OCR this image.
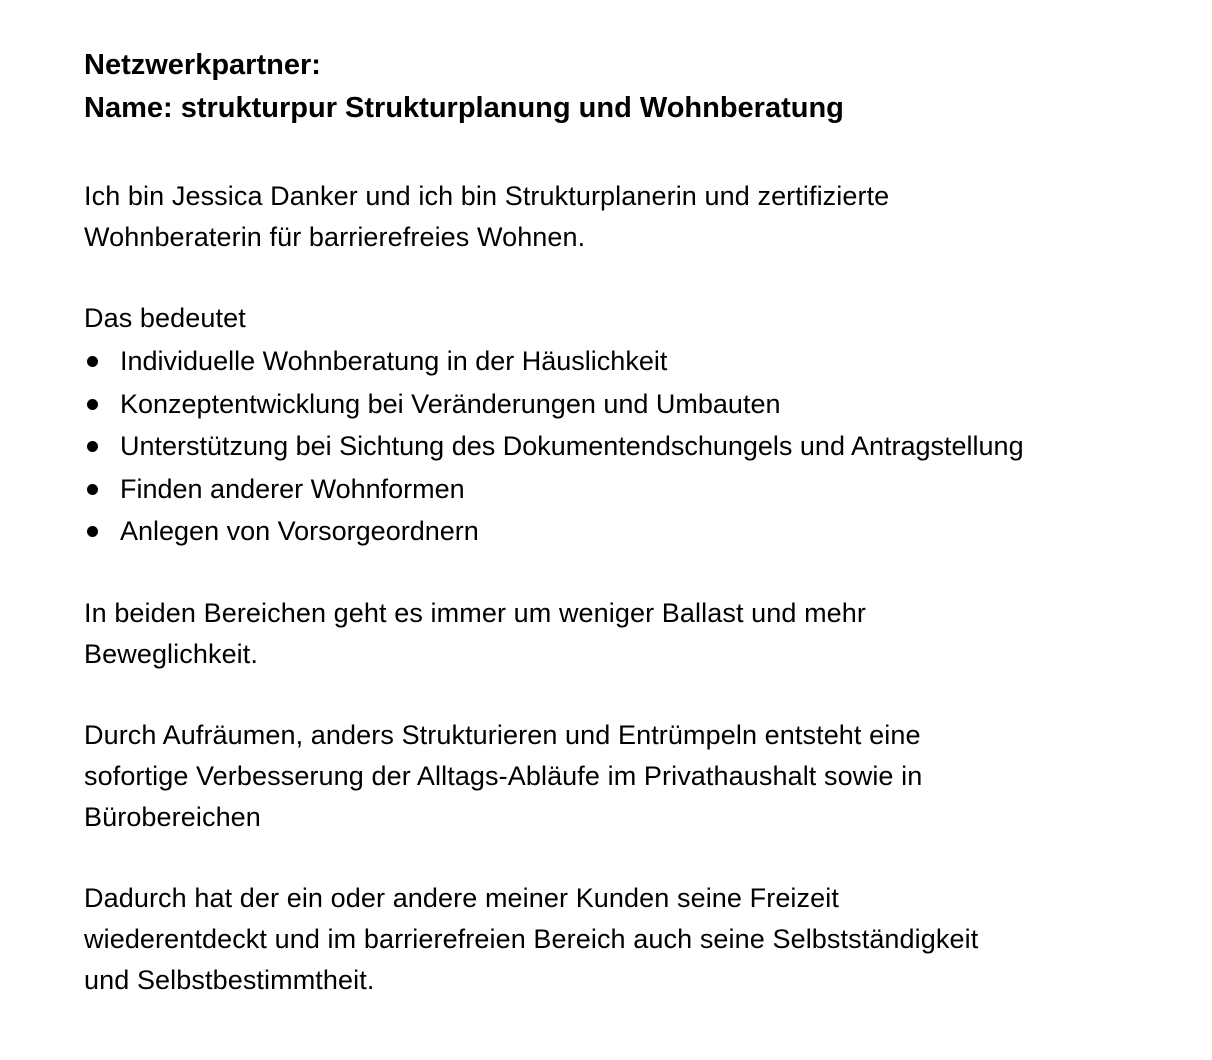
Netzwerkpartner:
Name: strukturpur Strukturplanung und Wohnberatung

Ich bin Jessica Danker und ich bin Strukturplanerin und zertifizierte
Wohnberaterin für barrierefreies Wohnen.

Das bedeutet

Individuelle Wohnberatung in der Häuslichkeit
Konzeptentwicklung bei Veränderungen und Umbauten
Unterstützung bei Sichtung des Dokumentendschungels und Antragstellung
Finden anderer Wohnformen
Anlegen von Vorsorgeordnern

In beiden Bereichen geht es immer um weniger Ballast und mehr
Beweglichkeit.

Durch Aufräumen, anders Strukturieren und Entrümpeln entsteht eine
sofortige Verbesserung der Alltags-Abläufe im Privathaushalt sowie in
Bürobereichen

Dadurch hat der ein oder andere meiner Kunden seine Freizeit
wiederentdeckt und im barrierefreien Bereich auch seine Selbstständigkeit
und Selbstbestimmtheit.
